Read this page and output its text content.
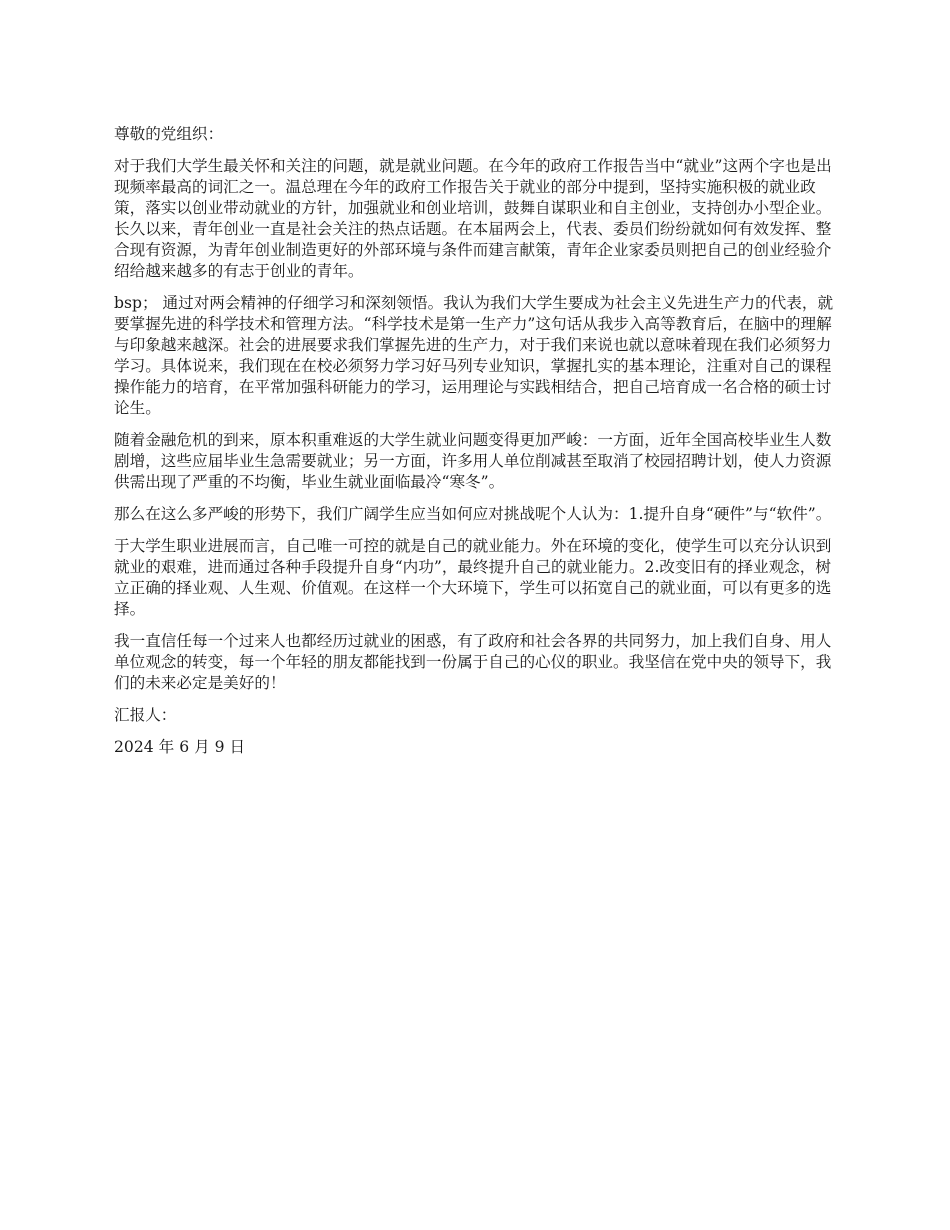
尊敬的党组织：

对于我们大学生最关怀和关注的问题，就是就业问题。在今年的政府工作报告当中“就业”这两个字也是出现频率最高的词汇之一。温总理在今年的政府工作报告关于就业的部分中提到，坚持实施积极的就业政策，落实以创业带动就业的方针，加强就业和创业培训，鼓舞自谋职业和自主创业，支持创办小型企业。长久以来，青年创业一直是社会关注的热点话题。在本届两会上，代表、委员们纷纷就如何有效发挥、整合现有资源，为青年创业制造更好的外部环境与条件而建言献策，青年企业家委员则把自己的创业经验介绍给越来越多的有志于创业的青年。

bsp； 通过对两会精神的仔细学习和深刻领悟。我认为我们大学生要成为社会主义先进生产力的代表，就要掌握先进的科学技术和管理方法。“科学技术是第一生产力”这句话从我步入高等教育后，在脑中的理解与印象越来越深。社会的进展要求我们掌握先进的生产力，对于我们来说也就以意味着现在我们必须努力学习。具体说来，我们现在在校必须努力学习好马列专业知识，掌握扎实的基本理论，注重对自己的课程操作能力的培育，在平常加强科研能力的学习，运用理论与实践相结合，把自己培育成一名合格的硕士讨论生。

随着金融危机的到来，原本积重难返的大学生就业问题变得更加严峻：一方面，近年全国高校毕业生人数剧增，这些应届毕业生急需要就业；另一方面，许多用人单位削减甚至取消了校园招聘计划，使人力资源供需出现了严重的不均衡，毕业生就业面临最冷“寒冬”。

那么在这么多严峻的形势下，我们广阔学生应当如何应对挑战呢个人认为：1.提升自身“硬件”与“软件”。

于大学生职业进展而言，自己唯一可控的就是自己的就业能力。外在环境的变化，使学生可以充分认识到就业的艰难，进而通过各种手段提升自身“内功”，最终提升自己的就业能力。2.改变旧有的择业观念，树立正确的择业观、人生观、价值观。在这样一个大环境下，学生可以拓宽自己的就业面，可以有更多的选择。

我一直信任每一个过来人也都经历过就业的困惑，有了政府和社会各界的共同努力，加上我们自身、用人单位观念的转变，每一个年轻的朋友都能找到一份属于自己的心仪的职业。我坚信在党中央的领导下，我们的未来必定是美好的！

汇报人：

2024 年 6 月 9 日
